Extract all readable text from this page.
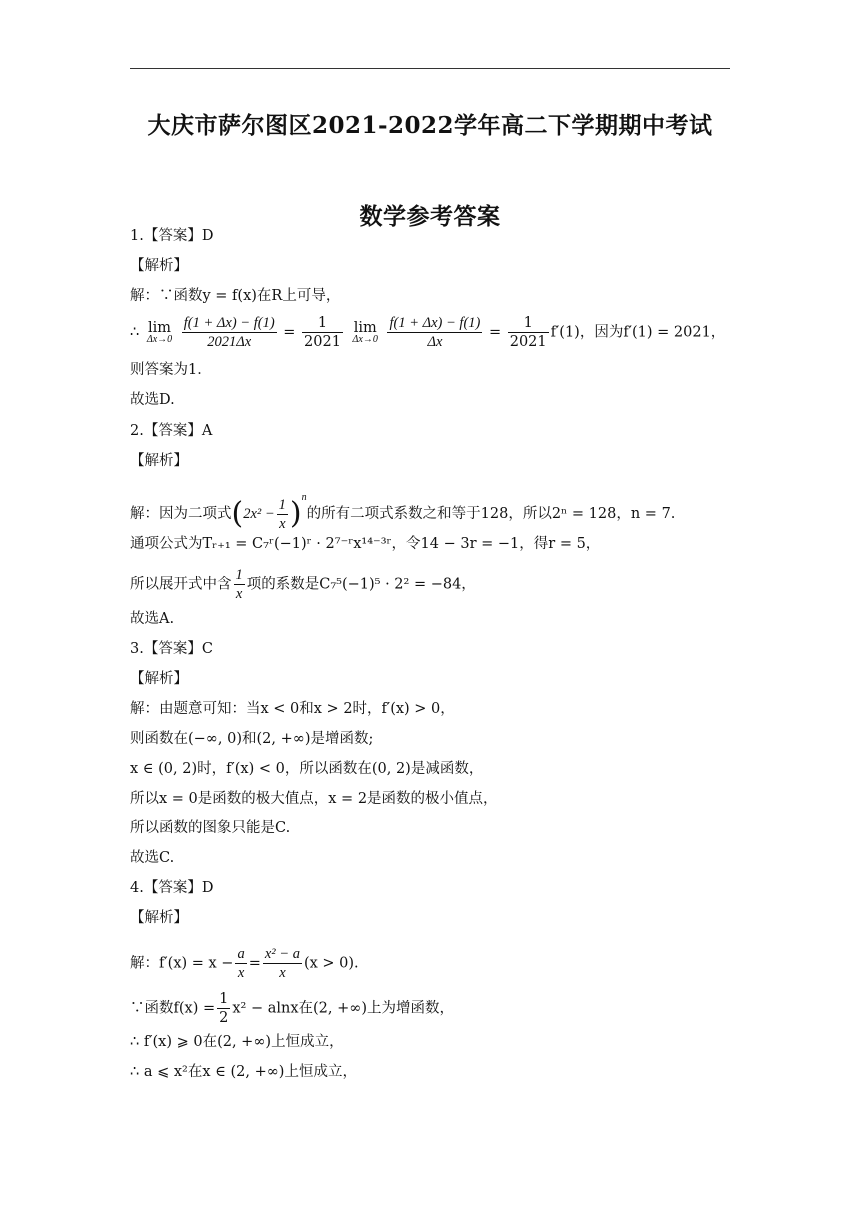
大庆市萨尔图区2021-2022学年高二下学期期中考试
数学参考答案
1.【答案】D
【解析】
解：∵函数y = f(x)在R上可导，
∴ lim
Δx→0
$\frac{f(1 + \Delta x) - f(1)}{2021\Delta x} = \frac{1}{2021}$
lim
Δx→0
$\frac{f(1 + \Delta x) - f(1)}{\Delta x} = \frac{1}{2021} f'(1)$，因为f′(1) = 2021，
则答案为1．
故选D.
2.【答案】A
【解析】
解：因为二项式$(2x^2 - \frac{1}{x} )^n$的所有二项式系数之和等于128，所以2ⁿ = 128，n = 7.
通项公式为Tᵣ₊₁ = C₇ʳ(−1)ʳ · 2⁷⁻ʳx¹⁴⁻³ʳ，令14 − 3r = −1，得r = 5，
所以展开式中含 $\frac{1}{x}$ 项的系数是C₇⁵(−1)⁵ · 2² = −84，
故选A.
3.【答案】C
【解析】
解：由题意可知：当x < 0和x > 2时，f′(x) > 0，
则函数在(−∞, 0)和(2, +∞)是增函数;
x ∈ (0, 2)时，f′(x) < 0，所以函数在(0, 2)是减函数，
所以x = 0是函数的极大值点，x = 2是函数的极小值点，
所以函数的图象只能是C.
故选C.
4.【答案】D
【解析】
解：$f'(x) = x - \frac{a}{x} = \frac{\text{x² − a}}{x} (x > 0)$.
∵函数$f(x) = \frac{1}{2} x^2 - alnx$在(2, +∞)上为增函数，
∴ f′(x) ⩾ 0在(2, +∞)上恒成立，
∴ a ⩽ x²在x ∈ (2, +∞)上恒成立，
